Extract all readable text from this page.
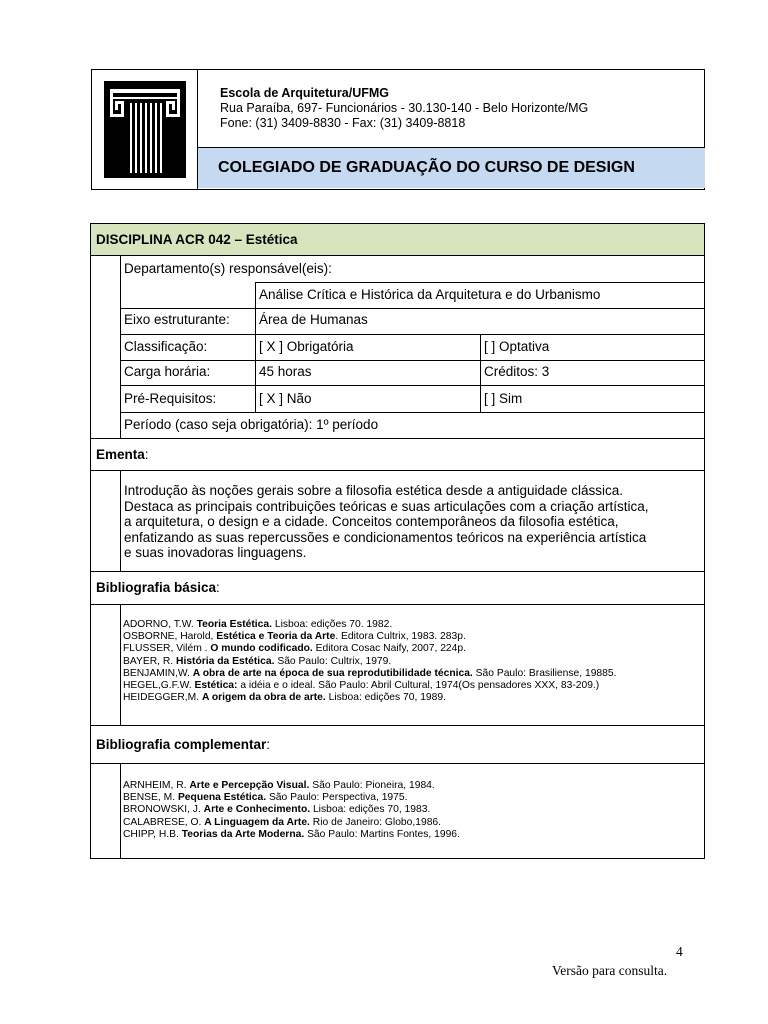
Escola de Arquitetura/UFMG
Rua Paraíba, 697- Funcionários - 30.130-140 - Belo Horizonte/MG
Fone: (31) 3409-8830 - Fax: (31) 3409-8818
COLEGIADO DE GRADUAÇÃO DO CURSO DE DESIGN
DISCIPLINA ACR 042 – Estética
Departamento(s) responsável(eis):
Análise Crítica e Histórica da Arquitetura e do Urbanismo
Eixo estruturante: Área de Humanas
Classificação:	[ X ] Obrigatória	[ ] Optativa
Carga horária:	45 horas	Créditos: 3
Pré-Requisitos:	[ X ] Não	[ ] Sim
Período (caso seja obrigatória): 1º período
Ementa:
Introdução às noções gerais sobre a filosofia estética desde a antiguidade clássica.
Destaca as principais contribuições teóricas e suas articulações com a criação artística,
a arquitetura, o design e a cidade. Conceitos contemporâneos da filosofia estética,
enfatizando as suas repercussões e condicionamentos teóricos na experiência artística
e suas inovadoras linguagens.
Bibliografia básica:
ADORNO, T.W. Teoria Estética. Lisboa: edições 70. 1982.
OSBORNE, Harold, Estética e Teoria da Arte. Editora Cultrix, 1983. 283p.
FLUSSER, Vilém . O mundo codificado. Editora Cosac Naify, 2007, 224p.
BAYER, R. História da Estética. São Paulo: Cultrix, 1979.
BENJAMIN,W. A obra de arte na época de sua reprodutibilidade técnica. São Paulo: Brasiliense, 19885.
HEGEL,G.F.W. Estética: a idéia e o ideal. São Paulo: Abril Cultural, 1974(Os pensadores XXX, 83-209.)
HEIDEGGER,M. A origem da obra de arte. Lisboa: edições 70, 1989.
Bibliografia complementar:
ARNHEIM, R. Arte e Percepção Visual. São Paulo: Pioneira, 1984.
BENSE, M. Pequena Estética. São Paulo: Perspectiva, 1975.
BRONOWSKI, J. Arte e Conhecimento. Lisboa: edições 70, 1983.
CALABRESE, O. A Linguagem da Arte. Rio de Janeiro: Globo,1986.
CHIPP, H.B. Teorias da Arte Moderna. São Paulo: Martins Fontes, 1996.
4
Versão para consulta.
